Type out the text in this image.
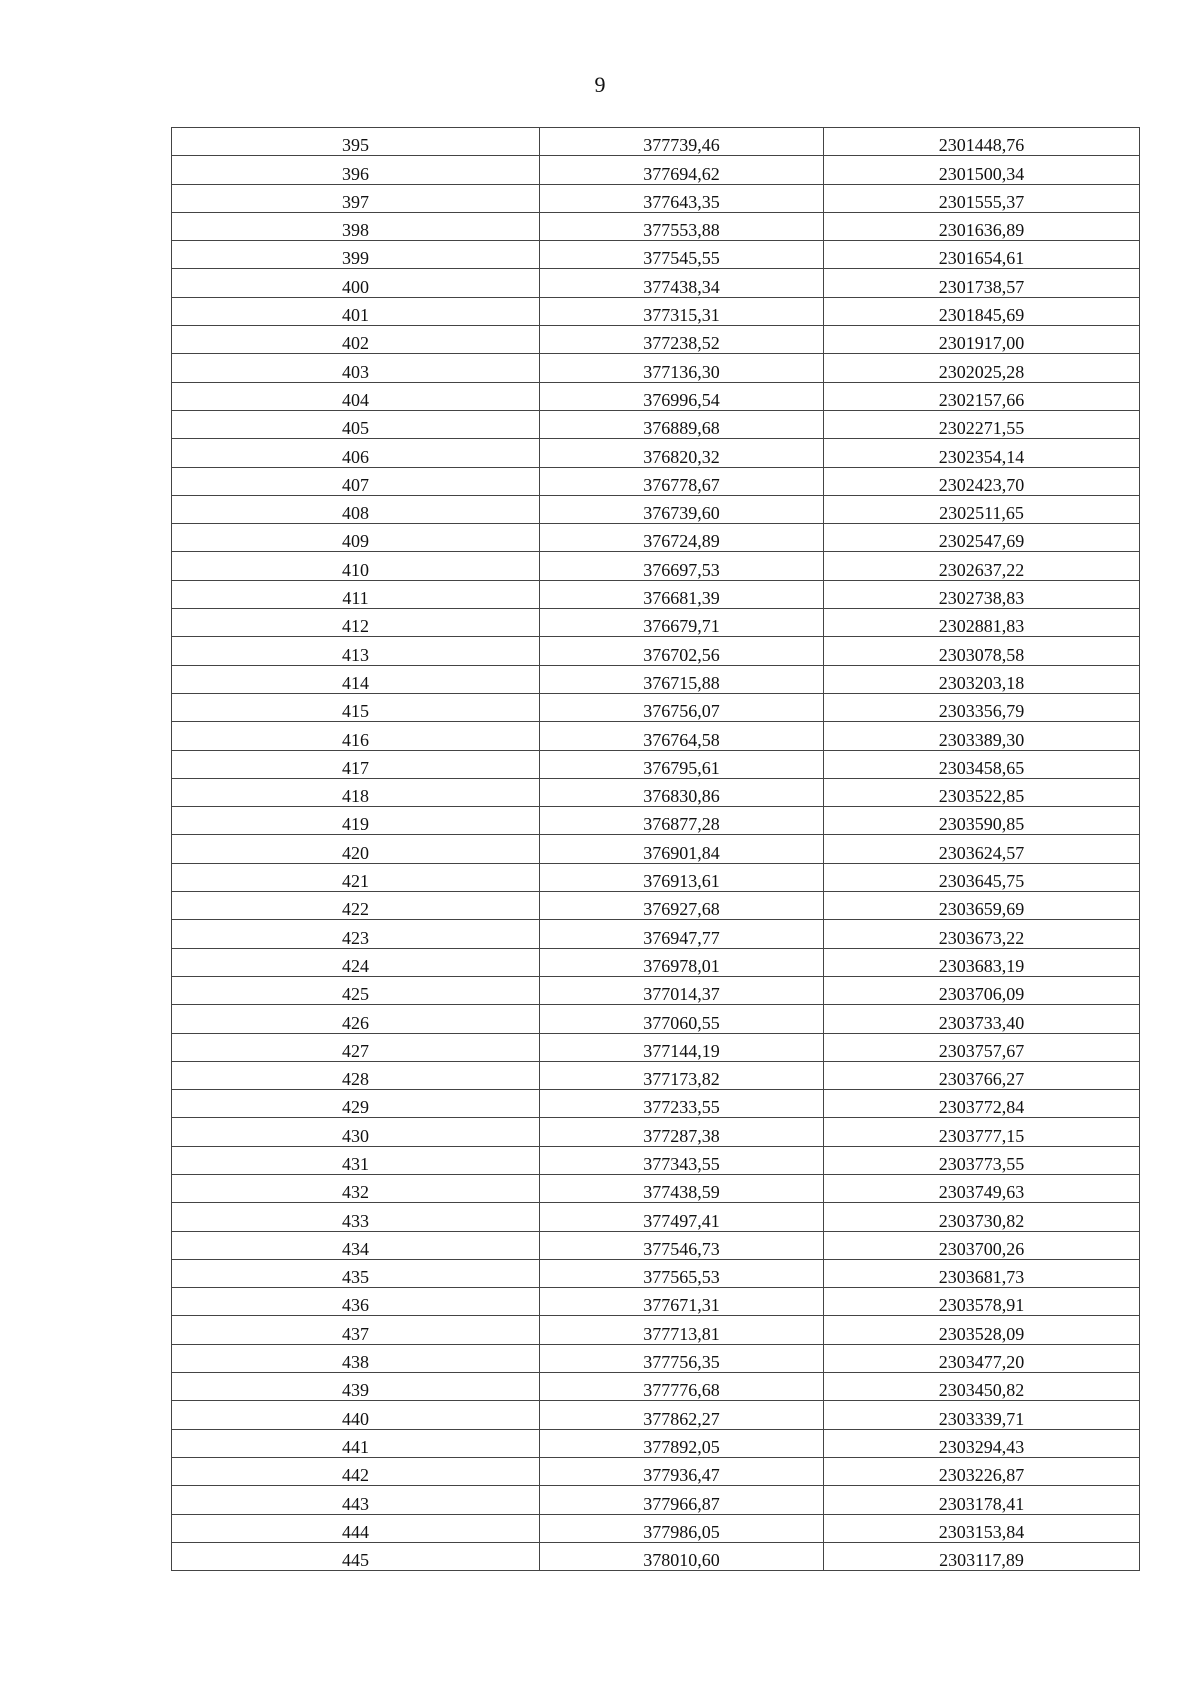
9
395	377739,46	2301448,76
396	377694,62	2301500,34
397	377643,35	2301555,37
398	377553,88	2301636,89
399	377545,55	2301654,61
400	377438,34	2301738,57
401	377315,31	2301845,69
402	377238,52	2301917,00
403	377136,30	2302025,28
404	376996,54	2302157,66
405	376889,68	2302271,55
406	376820,32	2302354,14
407	376778,67	2302423,70
408	376739,60	2302511,65
409	376724,89	2302547,69
410	376697,53	2302637,22
411	376681,39	2302738,83
412	376679,71	2302881,83
413	376702,56	2303078,58
414	376715,88	2303203,18
415	376756,07	2303356,79
416	376764,58	2303389,30
417	376795,61	2303458,65
418	376830,86	2303522,85
419	376877,28	2303590,85
420	376901,84	2303624,57
421	376913,61	2303645,75
422	376927,68	2303659,69
423	376947,77	2303673,22
424	376978,01	2303683,19
425	377014,37	2303706,09
426	377060,55	2303733,40
427	377144,19	2303757,67
428	377173,82	2303766,27
429	377233,55	2303772,84
430	377287,38	2303777,15
431	377343,55	2303773,55
432	377438,59	2303749,63
433	377497,41	2303730,82
434	377546,73	2303700,26
435	377565,53	2303681,73
436	377671,31	2303578,91
437	377713,81	2303528,09
438	377756,35	2303477,20
439	377776,68	2303450,82
440	377862,27	2303339,71
441	377892,05	2303294,43
442	377936,47	2303226,87
443	377966,87	2303178,41
444	377986,05	2303153,84
445	378010,60	2303117,89
